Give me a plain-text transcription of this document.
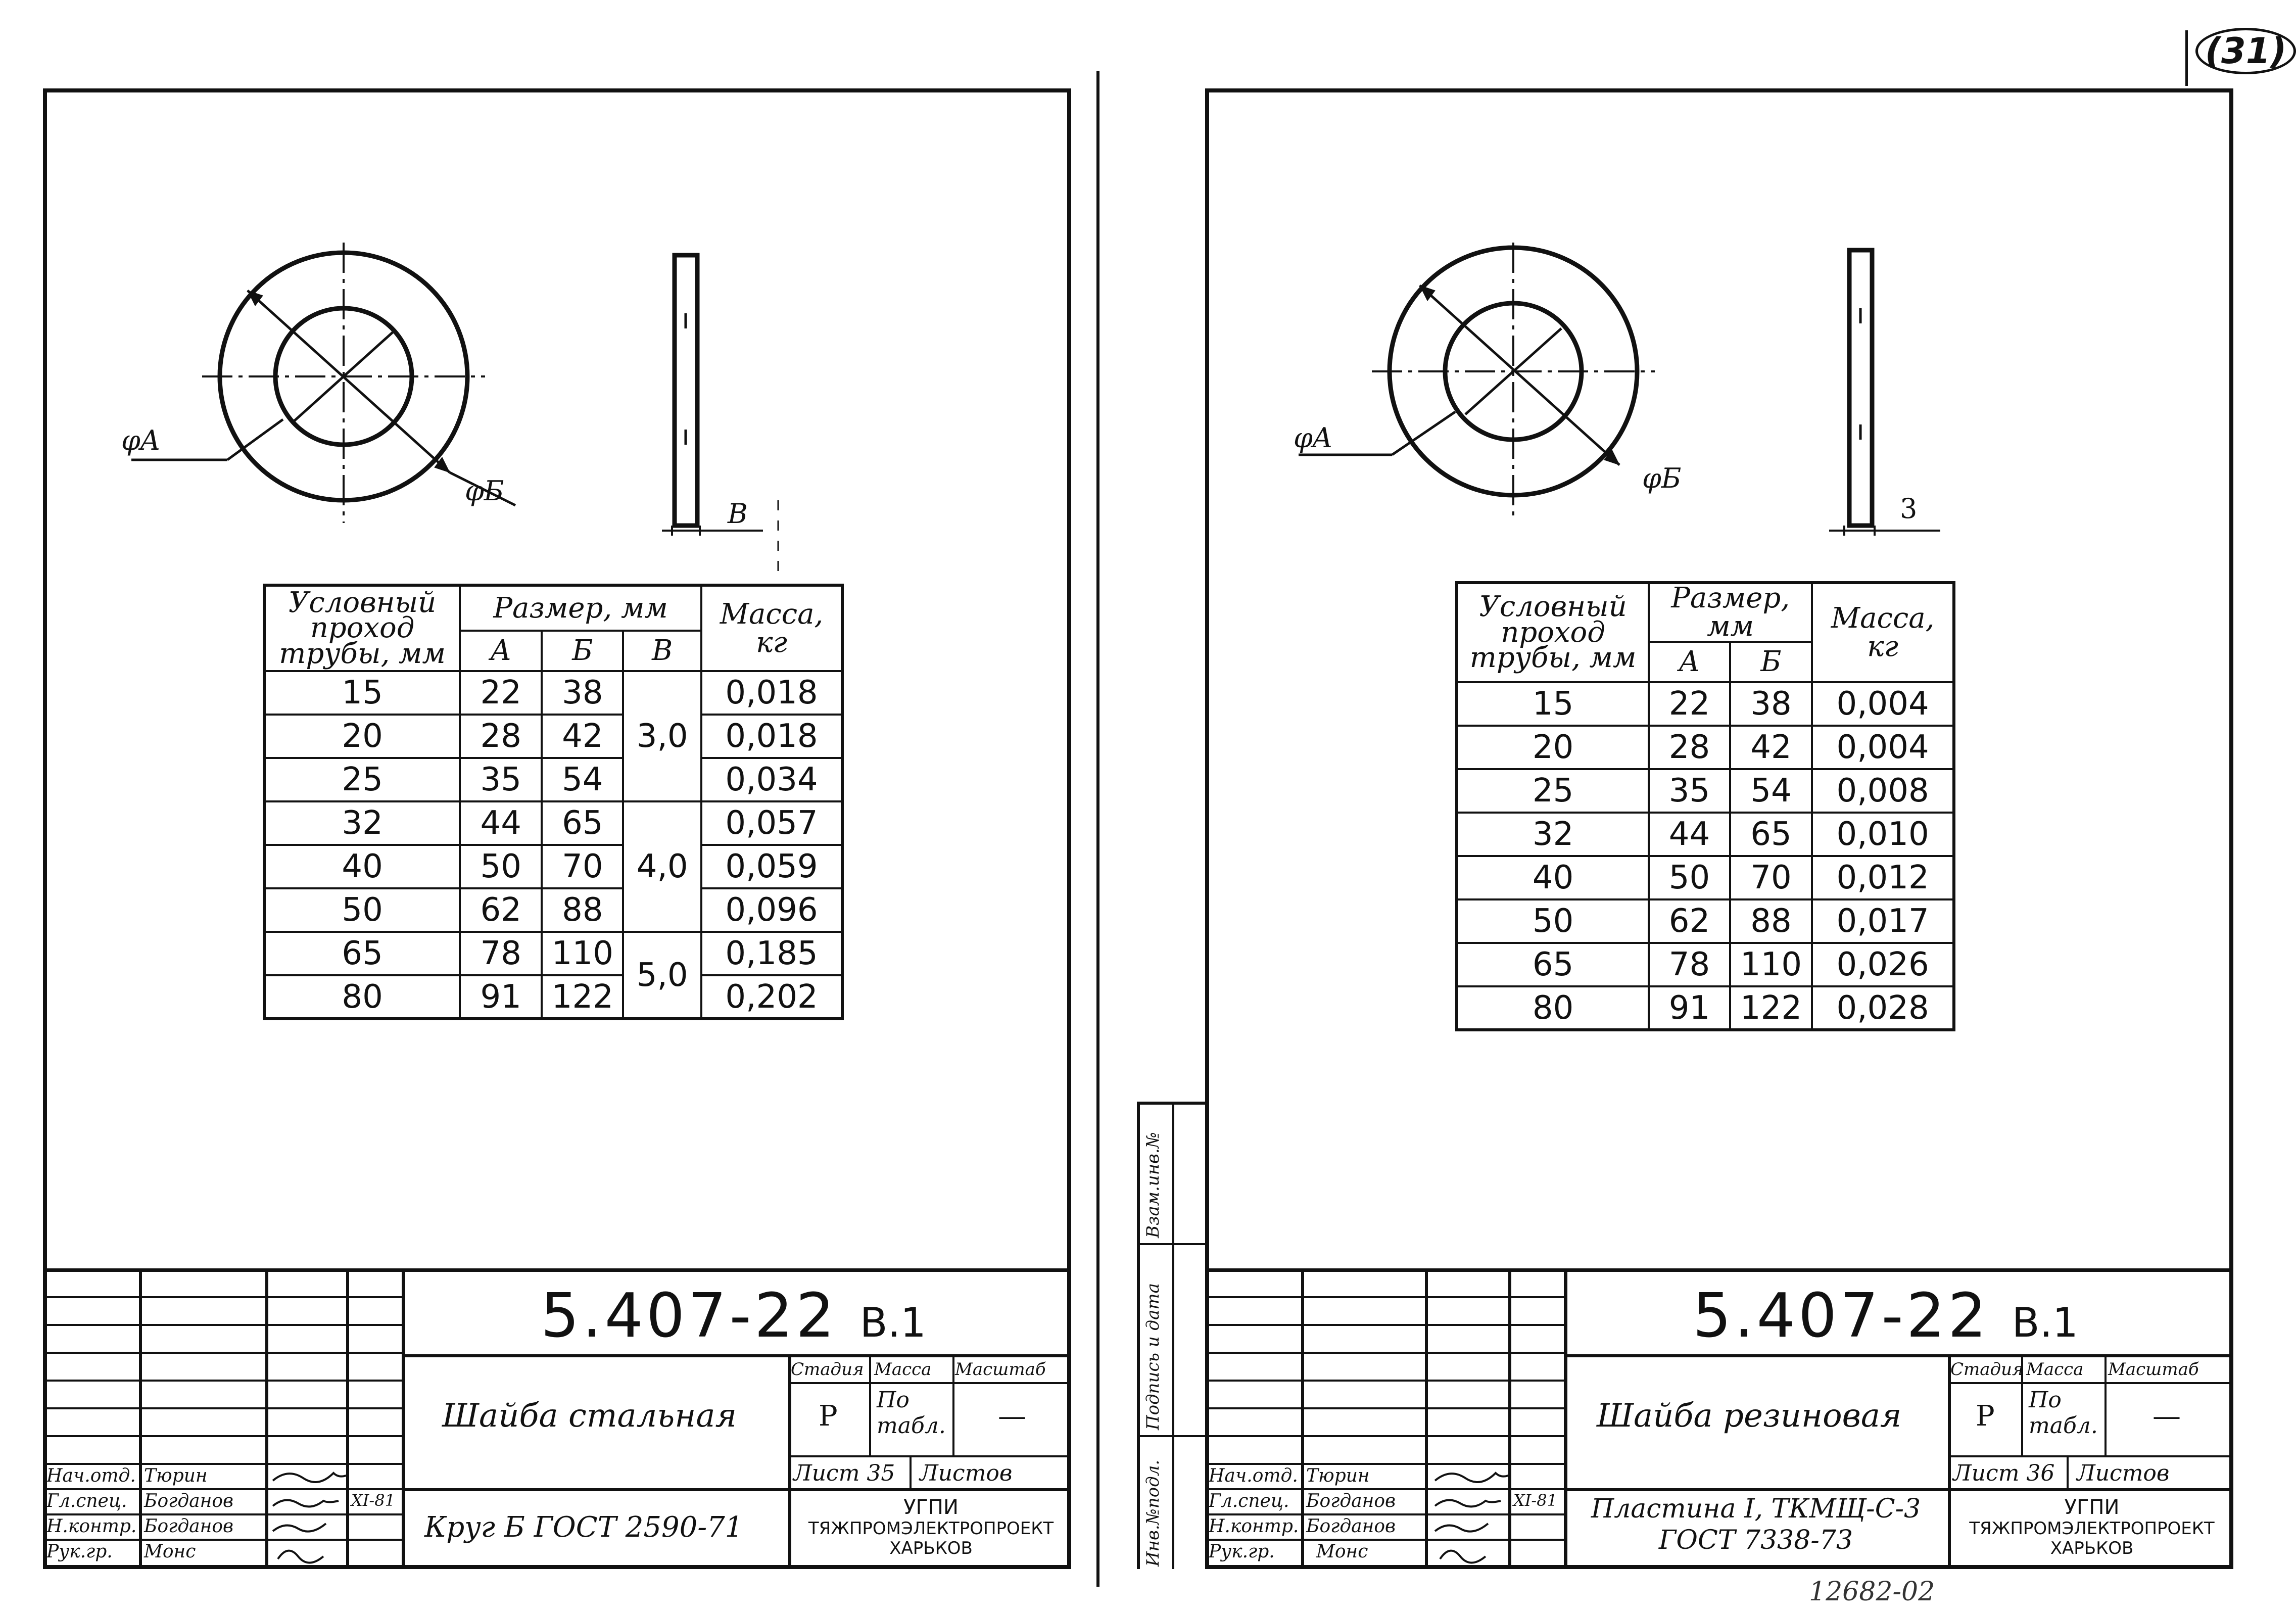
(31)
φA
φБ
В
Условный проход трубы, мм	Размер, мм			Масса, кг
	А	Б	В	
15	22	38	3,0	0,018
20	28	42		0,018
25	35	54		0,034
32	44	65	4,0	0,057
40	50	70		0,059
50	62	88		0,096
65	78	110	5,0	0,185
80	91	122		0,202
5.407-22 В.1
Шайба стальная
Круг Б ГОСТ 2590-71
Стадия Масса Масштаб
Р По табл. —
Лист 35 Листов
УГПИ
ТЯЖПРОМЭЛЕКТРОПРОЕКТ
ХАРЬКОВ
Нач.отд. Тюрин
Гл.спец. Богданов	XI-81
Н.контр. Богданов
Рук.гр. Монс	Инв.№подл.
Подпись и дата
Взам.инв.№
φA
φБ
3
Условный проход трубы, мм	Размер, мм		Масса, кг
	А	Б	
15	22	38	0,004
20	28	42	0,004
25	35	54	0,008
32	44	65	0,010
40	50	70	0,012
50	62	88	0,017
65	78	110	0,026
80	91	122	0,028
5.407-22 В.1
Шайба резиновая
Пластина I, ТКМЩ-С-3 ГОСТ 7338-73
Стадия Масса Масштаб
Р По табл. —
Лист 36 Листов
УГПИ
ТЯЖПРОМЭЛЕКТРОПРОЕКТ
ХАРЬКОВ
Нач.отд. Тюрин
Гл.спец. Богданов	XI-81
Н.контр. Богданов
Рук.гр. Монс
12682-02
